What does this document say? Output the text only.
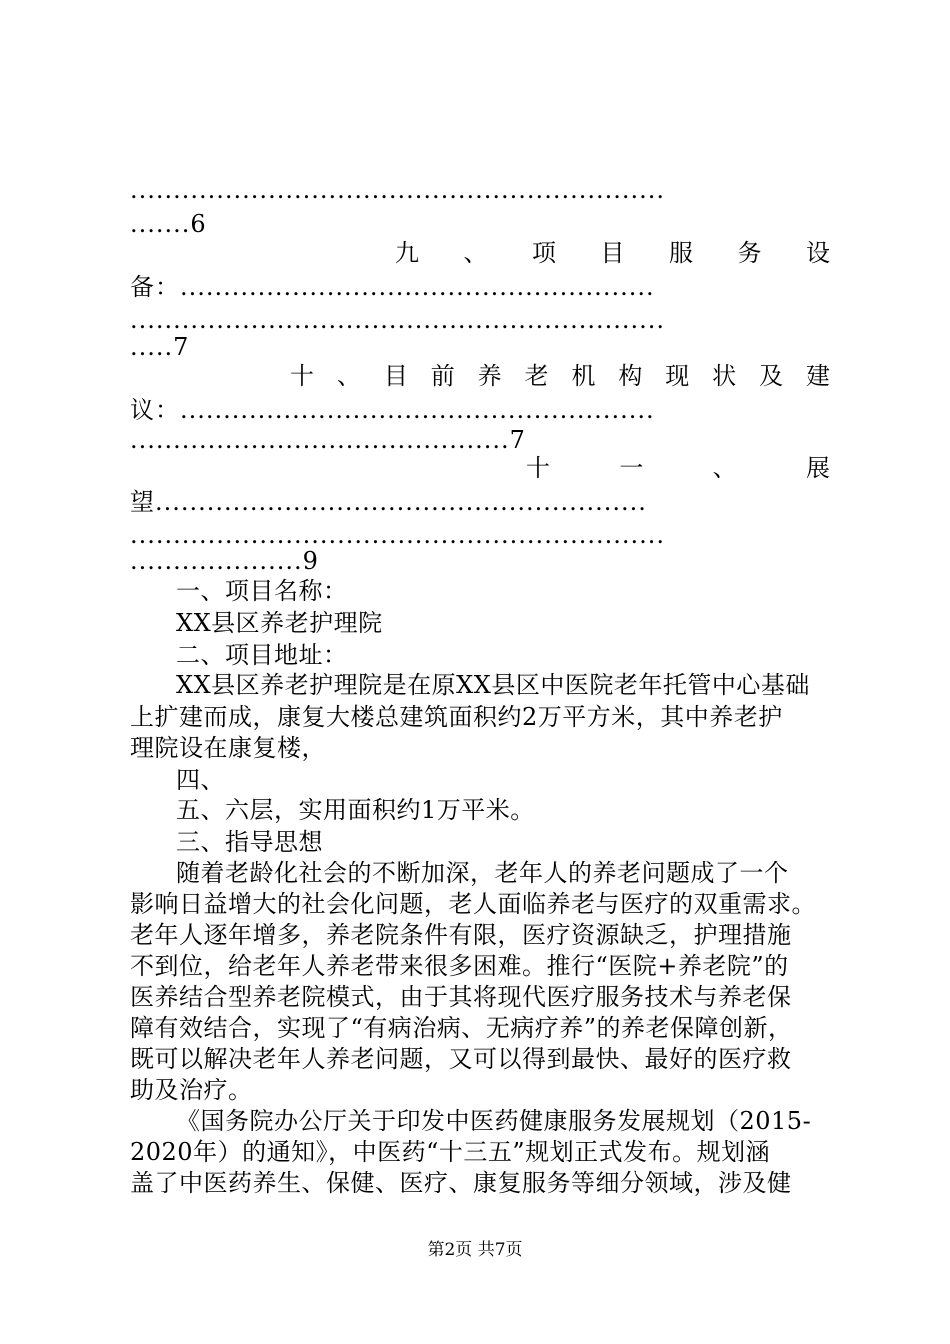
..............................................................
.......6
九 、 项 目 服 务 设
备：.......................................................
..............................................................
.....7
十 、 目 前 养 老 机 构 现 状 及 建
议：.......................................................
............................................7
十	一	、	展
望.........................................................
..............................................................
....................9
一、项目名称：
XX县区养老护理院
二、项目地址：
XX县区养老护理院是在原XX县区中医院老年托管中心基础
上扩建而成，康复大楼总建筑面积约2万平方米，其中养老护
理院设在康复楼，
四、
五、六层，实用面积约1万平米。
三、指导思想
随着老龄化社会的不断加深，老年人的养老问题成了一个
影响日益增大的社会化问题，老人面临养老与医疗的双重需求。
老年人逐年增多，养老院条件有限，医疗资源缺乏，护理措施
不到位，给老年人养老带来很多困难。推行“医院+养老院”的
医养结合型养老院模式，由于其将现代医疗服务技术与养老保
障有效结合，实现了“有病治病、无病疗养”的养老保障创新，
既可以解决老年人养老问题，又可以得到最快、最好的医疗救
助及治疗。
《国务院办公厅关于印发中医药健康服务发展规划（2015-
2020年）的通知》，中医药“十三五”规划正式发布。规划涵
盖了中医药养生、保健、医疗、康复服务等细分领域，涉及健
第2页 共7页
